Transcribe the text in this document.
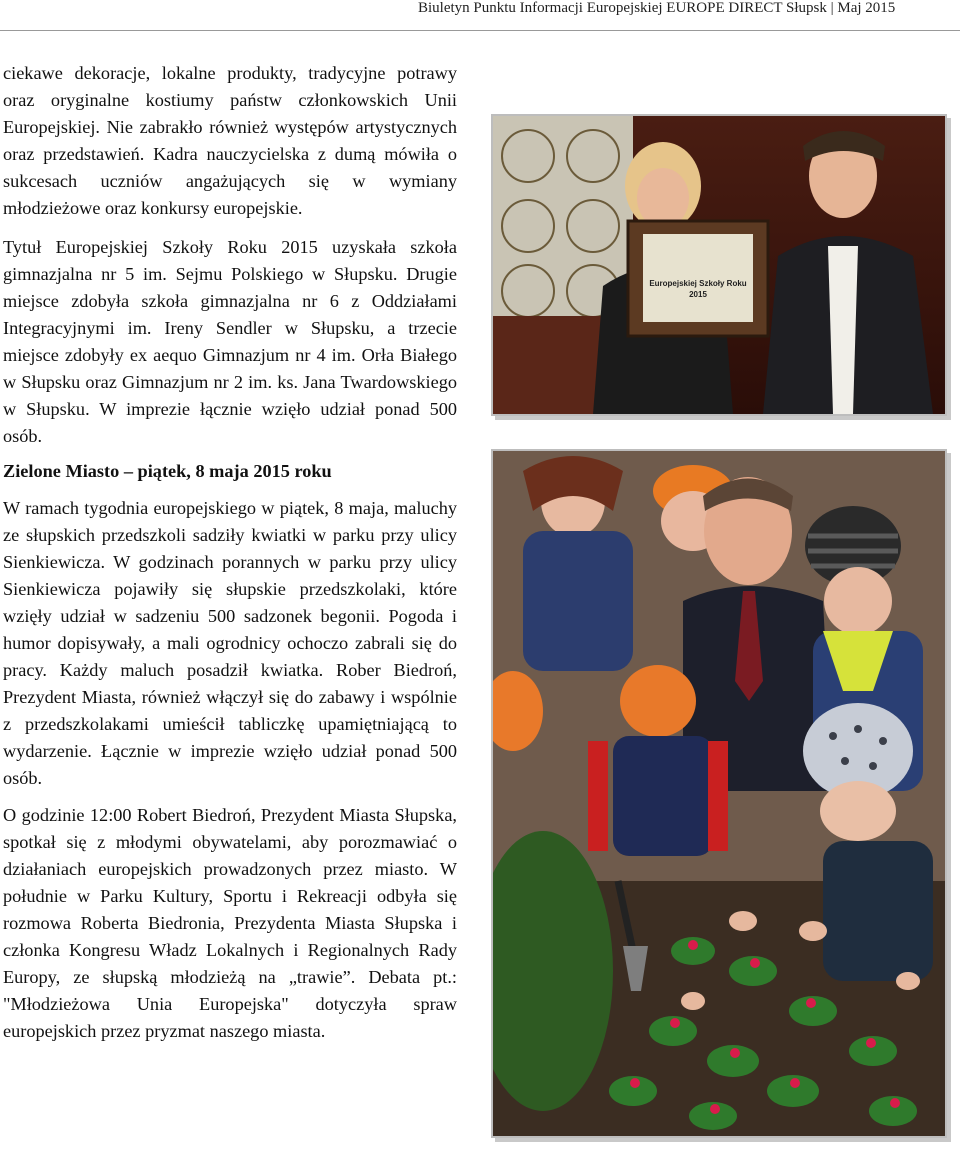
Biuletyn Punktu Informacji Europejskiej EUROPE DIRECT Słupsk | Maj 2015

ciekawe dekoracje, lokalne produkty, tradycyjne potrawy oraz oryginalne kostiumy państw członkowskich Unii Europejskiej. Nie zabrakło również występów artystycznych oraz przedstawień. Kadra nauczycielska z dumą mówiła o sukcesach uczniów angażujących się w wymiany młodzieżowe oraz konkursy europejskie.

Tytuł Europejskiej Szkoły Roku 2015 uzyskała szkoła gimnazjalna nr 5 im. Sejmu Polskiego w Słupsku. Drugie miejsce zdobyła szkoła gimnazjalna nr 6 z Oddziałami Integracyjnymi im. Ireny Sendler w Słupsku, a trzecie miejsce zdobyły ex aequo Gimnazjum nr 4 im. Orła Białego w Słupsku oraz Gimnazjum nr 2 im. ks. Jana Twardowskiego w Słupsku. W imprezie łącznie wzięło udział ponad 500 osób.

Zielone Miasto – piątek, 8 maja 2015 roku

W ramach tygodnia europejskiego w piątek, 8 maja, maluchy ze słupskich przedszkoli sadziły kwiatki w parku przy ulicy Sienkiewicza. W godzinach porannych w parku przy ulicy Sienkiewicza pojawiły się słupskie przedszkolaki, które wzięły udział w sadzeniu 500 sadzonek begonii. Pogoda i humor dopisywały, a mali ogrodnicy ochoczo zabrali się do pracy. Każdy maluch posadził kwiatka. Rober Biedroń, Prezydent Miasta, również włączył się do zabawy i wspólnie z przedszkolakami umieścił tabliczkę upamiętniającą to wydarzenie. Łącznie w imprezie wzięło udział ponad 500 osób.

O godzinie 12:00 Robert Biedroń, Prezydent Miasta Słupska, spotkał się z młodymi obywatelami, aby porozmawiać o działaniach europejskich prowadzonych przez miasto. W południe w Parku Kultury, Sportu i Rekreacji odbyła się rozmowa Roberta Biedronia, Prezydenta Miasta Słupska i członka Kongresu Władz Lokalnych i Regionalnych Rady Europy, ze słupską młodzieżą na „trawie”. Debata pt.: "Młodzieżowa Unia Europejska" dotyczyła spraw europejskich przez pryzmat naszego miasta.

Europejskiej Szkoły Roku
2015
